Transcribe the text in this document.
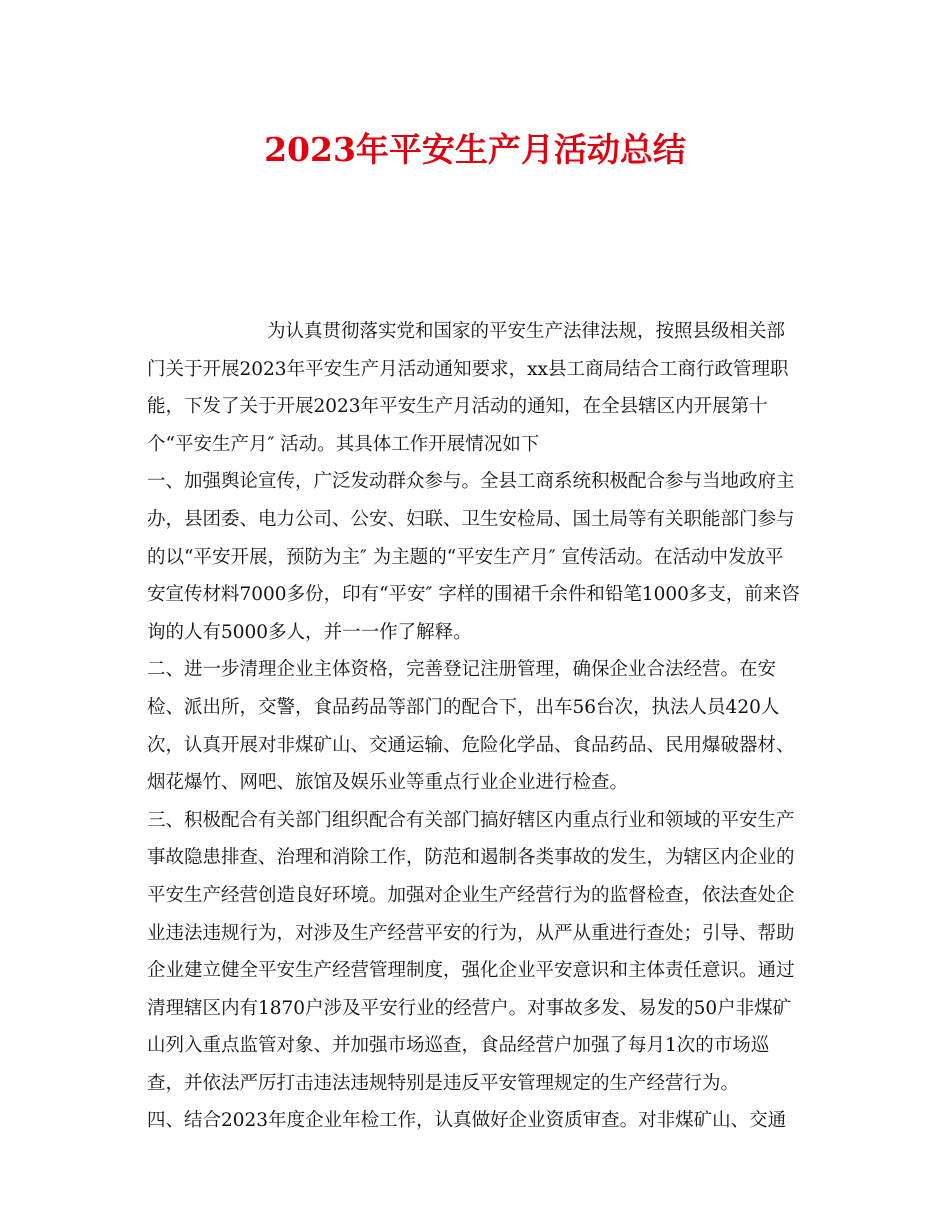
2023年平安生产月活动总结
为认真贯彻落实党和国家的平安生产法律法规，按照县级相关部
门关于开展2023年平安生产月活动通知要求，xx县工商局结合工商行政管理职
能，下发了关于开展2023年平安生产月活动的通知，在全县辖区内开展第十
个“平安生产月″ 活动。其具体工作开展情况如下
一、加强舆论宣传，广泛发动群众参与。全县工商系统积极配合参与当地政府主
办，县团委、电力公司、公安、妇联、卫生安检局、国土局等有关职能部门参与
的以“平安开展，预防为主″ 为主题的“平安生产月″ 宣传活动。在活动中发放平
安宣传材料7000多份，印有“平安″ 字样的围裙千余件和铅笔1000多支，前来咨
询的人有5000多人，并一一作了解释。
二、进一步清理企业主体资格，完善登记注册管理，确保企业合法经营。在安
检、派出所，交警，食品药品等部门的配合下，出车56台次，执法人员420人
次，认真开展对非煤矿山、交通运输、危险化学品、食品药品、民用爆破器材、
烟花爆竹、网吧、旅馆及娱乐业等重点行业企业进行检查。
三、积极配合有关部门组织配合有关部门搞好辖区内重点行业和领域的平安生产
事故隐患排查、治理和消除工作，防范和遏制各类事故的发生，为辖区内企业的
平安生产经营创造良好环境。加强对企业生产经营行为的监督检查，依法查处企
业违法违规行为，对涉及生产经营平安的行为，从严从重进行查处；引导、帮助
企业建立健全平安生产经营管理制度，强化企业平安意识和主体责任意识。通过
清理辖区内有1870户涉及平安行业的经营户。对事故多发、易发的50户非煤矿
山列入重点监管对象、并加强市场巡查，食品经营户加强了每月1次的市场巡
查，并依法严厉打击违法违规特别是违反平安管理规定的生产经营行为。
四、结合2023年度企业年检工作，认真做好企业资质审查。对非煤矿山、交通
